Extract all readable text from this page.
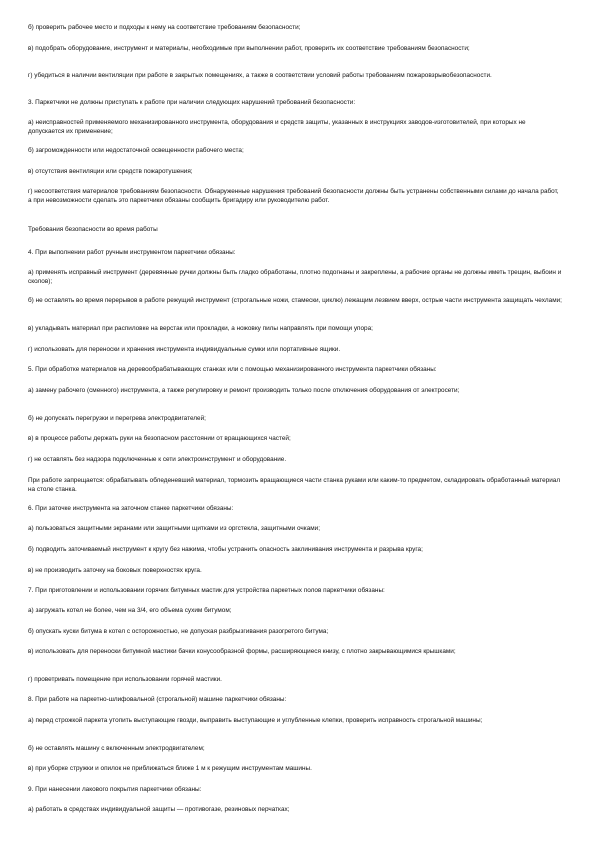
б) проверить рабочее место и подходы к нему на соответствие требованиям безопасности;

в) подобрать оборудование, инструмент и материалы, необходимые при выполнении работ, проверить их соответствие требованиям безопасности;

г) убедиться в наличии вентиляции при работе в закрытых помещениях, а также в соответствии условий работы требованиям пожаровзрывобезопасности.

3. Паркетчики не должны приступать к работе при наличии следующих нарушений требований безопасности:

а) неисправностей применяемого механизированного инструмента, оборудования и средств защиты, указанных в инструкциях заводов-изготовителей, при которых не допускается их применение;

б) загроможденности или недостаточной освещенности рабочего места;

в) отсутствия вентиляции или средств пожаротушения;

г) несоответствия материалов требованиям безопасности. Обнаруженные нарушения требований безопасности должны быть устранены собственными силами до начала работ, а при невозможности сделать это паркетчики обязаны сообщить бригадиру или руководителю работ.

Требования безопасности во время работы

4. При выполнении работ ручным инструментом паркетчики обязаны:

а) применять исправный инструмент (деревянные ручки должны быть гладко обработаны, плотно подогнаны и закреплены, а рабочие органы не должны иметь трещин, выбоин и сколов);

б) не оставлять во время перерывов в работе режущий инструмент (строгальные ножи, стамески, циклю) лежащим лезвием вверх, острые части инструмента защищать чехлами;

в) укладывать материал при распиловке на верстак или прокладки, а ножовку пилы направлять при помощи упора;

г) использовать для переноски и хранения инструмента индивидуальные сумки или портативные ящики.

5. При обработке материалов на деревообрабатывающих станках или с помощью механизированного инструмента паркетчики обязаны:

а) замену рабочего (сменного) инструмента, а также регулировку и ремонт производить только после отключения оборудования от электросети;

б) не допускать перегрузки и перегрева электродвигателей;

в) в процессе работы держать руки на безопасном расстоянии от вращающихся частей;

г) не оставлять без надзора подключенные к сети электроинструмент и оборудование.

При работе запрещается: обрабатывать обледеневший материал, тормозить вращающиеся части станка руками или каким-то предметом, складировать обработанный материал на столе станка.

6. При заточке инструмента на заточном станке паркетчики обязаны:

а) пользоваться защитными экранами или защитными щитками из оргстекла, защитными очками;

б) подводить заточиваемый инструмент к кругу без нажима, чтобы устранить опасность заклинивания инструмента и разрыва круга;

в) не производить заточку на боковых поверхностях круга.

7. При приготовлении и использовании горячих битумных мастик для устройства паркетных полов паркетчики обязаны:

а) загружать котел не более, чем на 3/4, его объема сухим битумом;

б) опускать куски битума в котел с осторожностью, не допуская разбрызгивания разогретого битума;

в) использовать для переноски битумной мастики бачки конусообразной формы, расширяющиеся книзу, с плотно закрывающимися крышками;

г) проветривать помещение при использовании горячей мастики.

8. При работе на паркетно-шлифовальной (строгальной) машине паркетчики обязаны:

а) перед строжкой паркета утопить выступающие гвозди, выправить выступающие и углубленные клепки, проверить исправность строгальной машины;

б) не оставлять машину с включенным электродвигателем;

в) при уборке стружки и опилок не приближаться ближе 1 м к режущим инструментам машины.

9. При нанесении лакового покрытия паркетчики обязаны:

а) работать в средствах индивидуальной защиты — противогазе, резиновых перчатках;
